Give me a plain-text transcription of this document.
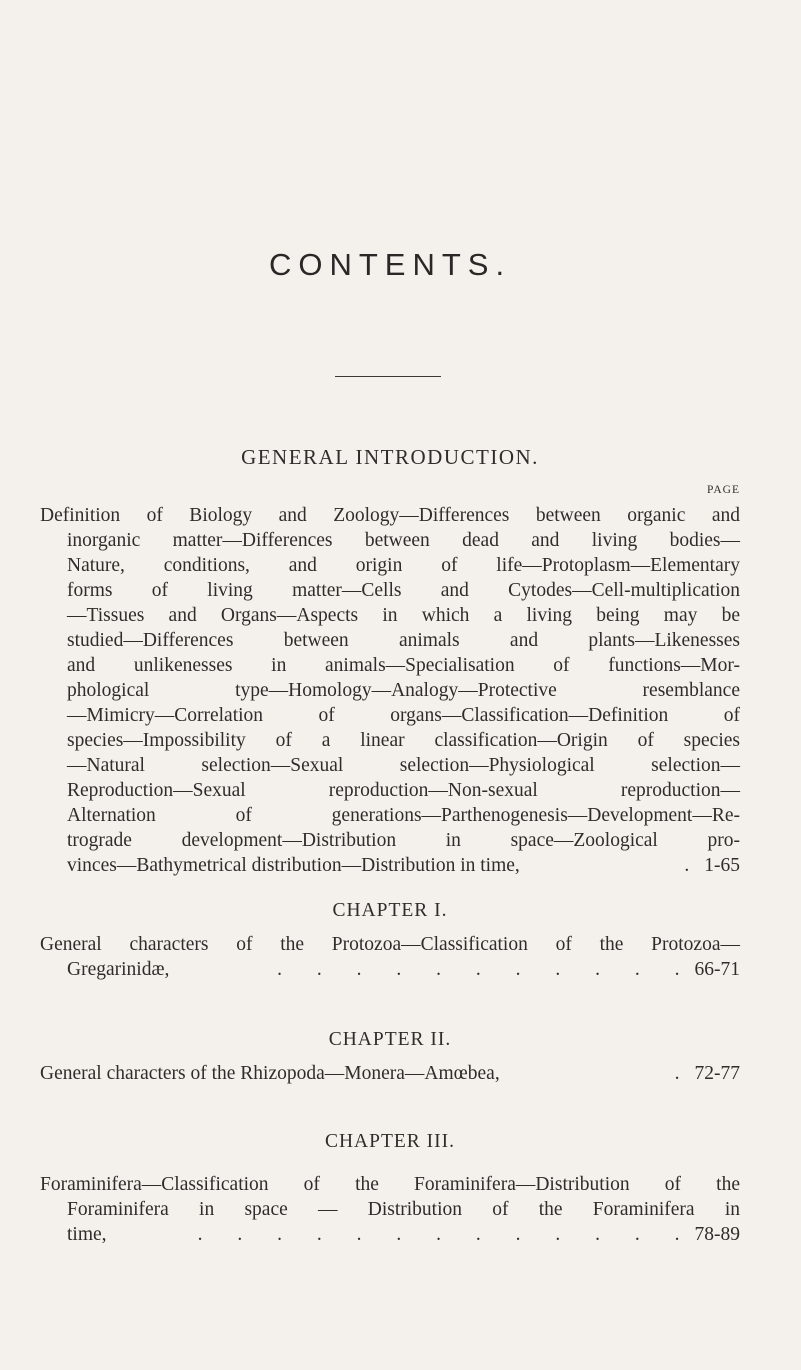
CONTENTS.
GENERAL INTRODUCTION.
PAGE
Definition of Biology and Zoology—Differences between organic and
inorganic matter—Differences between dead and living bodies—
Nature, conditions, and origin of life—Protoplasm—Elementary
forms of living matter—Cells and Cytodes—Cell-multiplication
—Tissues and Organs—Aspects in which a living being may be
studied—Differences between animals and plants—Likenesses
and unlikenesses in animals—Specialisation of functions—Mor-
phological type—Homology—Analogy—Protective resemblance
—Mimicry—Correlation of organs—Classification—Definition of
species—Impossibility of a linear classification—Origin of species
—Natural selection—Sexual selection—Physiological selection—
Reproduction—Sexual reproduction—Non-sexual reproduction—
Alternation of generations—Parthenogenesis—Development—Re-
trograde development—Distribution in space—Zoological pro-
vinces—Bathymetrical distribution—Distribution in time,	.1-65
CHAPTER I.
General characters of the Protozoa—Classification of the Protozoa—
Gregarinidæ,	. . . . . . . . . . .66-71
CHAPTER II.
General characters of the Rhizopoda—Monera—Amœbea,	.72-77
CHAPTER III.
Foraminifera—Classification of the Foraminifera—Distribution of the
Foraminifera in space — Distribution of the Foraminifera in
time,	. . . . . . . . . . . . .78-89
